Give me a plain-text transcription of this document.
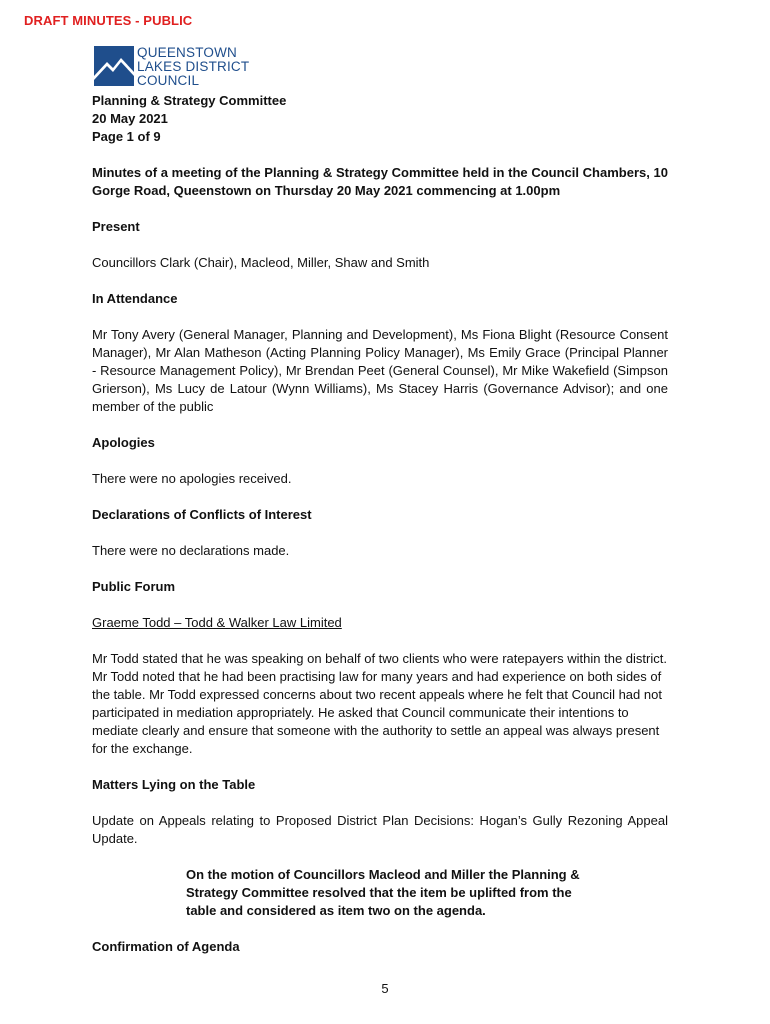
DRAFT MINUTES - PUBLIC
QUEENSTOWN
LAKES DISTRICT
COUNCIL
Planning & Strategy Committee
20 May 2021
Page 1 of 9

Minutes of a meeting of the Planning & Strategy Committee held in the Council Chambers, 10 Gorge Road, Queenstown on Thursday 20 May 2021 commencing at 1.00pm

Present

Councillors Clark (Chair), Macleod, Miller, Shaw and Smith

In Attendance

Mr Tony Avery (General Manager, Planning and Development), Ms Fiona Blight (Resource Consent Manager), Mr Alan Matheson (Acting Planning Policy Manager), Ms Emily Grace (Principal Planner - Resource Management Policy), Mr Brendan Peet (General Counsel), Mr Mike Wakefield (Simpson Grierson), Ms Lucy de Latour (Wynn Williams), Ms Stacey Harris (Governance Advisor); and one member of the public

Apologies

There were no apologies received.

Declarations of Conflicts of Interest

There were no declarations made.

Public Forum

Graeme Todd – Todd & Walker Law Limited

Mr Todd stated that he was speaking on behalf of two clients who were ratepayers within the district. Mr Todd noted that he had been practising law for many years and had experience on both sides of the table. Mr Todd expressed concerns about two recent appeals where he felt that Council had not participated in mediation appropriately. He asked that Council communicate their intentions to mediate clearly and ensure that someone with the authority to settle an appeal was always present for the exchange.

Matters Lying on the Table

Update on Appeals relating to Proposed District Plan Decisions: Hogan’s Gully Rezoning Appeal Update.

On the motion of Councillors Macleod and Miller the Planning & Strategy Committee resolved that the item be uplifted from the table and considered as item two on the agenda.

Confirmation of Agenda

5
